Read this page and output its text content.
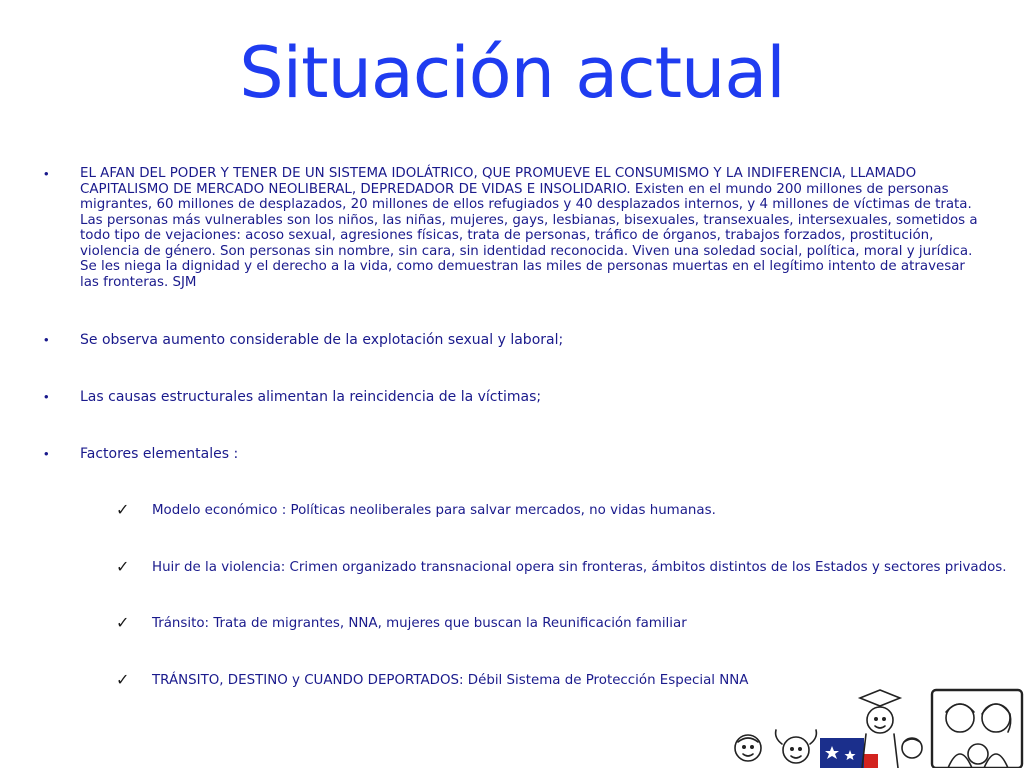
Situación actual
•	EL AFAN DEL PODER Y TENER DE UN SISTEMA IDOLÁTRICO, QUE PROMUEVE EL CONSUMISMO Y LA INDIFERENCIA, LLAMADO CAPITALISMO DE MERCADO NEOLIBERAL, DEPREDADOR DE VIDAS E INSOLIDARIO. Existen en el mundo 200 millones de personas migrantes, 60 millones de desplazados, 20 millones de ellos refugiados y 40 desplazados internos, y 4 millones de víctimas de trata. Las personas más vulnerables son los niños, las niñas, mujeres, gays, lesbianas, bisexuales, transexuales, intersexuales, sometidos a todo tipo de vejaciones: acoso sexual, agresiones físicas, trata de personas, tráfico de órganos, trabajos forzados, prostitución, violencia de género. Son personas sin nombre, sin cara, sin identidad reconocida. Viven una soledad social, política, moral y jurídica. Se les niega la dignidad y el derecho a la vida, como demuestran las miles de personas muertas en el legítimo intento de atravesar las fronteras. SJM
•	Se observa aumento considerable de la explotación sexual y laboral;
•	Las causas estructurales alimentan la reincidencia de la víctimas;
•	Factores elementales :
✓	Modelo económico : Políticas neoliberales para salvar mercados, no vidas humanas.
✓	Huir de la violencia: Crimen organizado transnacional opera sin fronteras, ámbitos distintos de los Estados y sectores privados.
✓	Tránsito: Trata de migrantes, NNA, mujeres que buscan la Reunificación familiar
✓	TRÁNSITO, DESTINO y CUANDO DEPORTADOS: Débil Sistema de Protección Especial NNA
